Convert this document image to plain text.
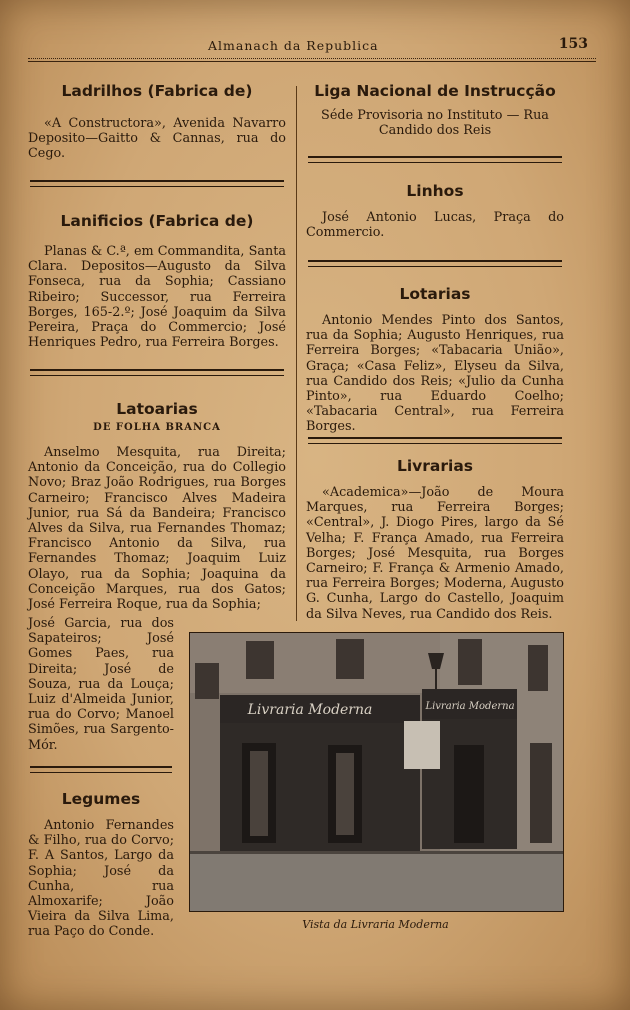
Almanach da Republica	153

Ladrilhos (Fabrica de)

«A Constructora», Avenida Navarro Deposito—Gaitto & Cannas, rua do Cego.

Lanificios (Fabrica de)

Planas & C.ª, em Commandita, Santa Clara. Depositos—Augusto da Silva Fonseca, rua da Sophia; Cassiano Ribeiro; Successor, rua Ferreira Borges, 165-2.º; José Joaquim da Silva Pereira, Praça do Commercio; José Henriques Pedro, rua Ferreira Borges.

Latoarias

DE FOLHA BRANCA

Anselmo Mesquita, rua Direita; Antonio da Conceição, rua do Collegio Novo; Braz João Rodrigues, rua Borges Carneiro; Francisco Alves Madeira Junior, rua Sá da Bandeira; Francisco Alves da Silva, rua Fernandes Thomaz; Francisco Antonio da Silva, rua Fernandes Thomaz; Joaquim Luiz Olayo, rua da Sophia; Joaquina da Conceição Marques, rua dos Gatos; José Ferreira Roque, rua da Sophia;

José Garcia, rua dos Sapateiros; José Gomes Paes, rua Direita; José de Souza, rua da Louça; Luiz d'Almeida Junior, rua do Corvo; Manoel Simões, rua Sargento-Mór.

Legumes

Antonio Fernandes & Filho, rua do Corvo; F. A Santos, Largo da Sophia; José da Cunha, rua Almoxarife; João Vieira da Silva Lima, rua Paço do Conde.

Liga Nacional de Instrucção

Séde Provisoria no Instituto — Rua Candido dos Reis

Linhos

José Antonio Lucas, Praça do Commercio.

Lotarias

Antonio Mendes Pinto dos Santos, rua da Sophia; Augusto Henriques, rua Ferreira Borges; «Tabacaria União», Graça; «Casa Feliz», Elyseu da Silva, rua Candido dos Reis; «Julio da Cunha Pinto», rua Eduardo Coelho; «Tabacaria Central», rua Ferreira Borges.

Livrarias

«Academica»—João de Moura Marques, rua Ferreira Borges; «Central», J. Diogo Pires, largo da Sé Velha; F. França Amado, rua Ferreira Borges; José Mesquita, rua Borges Carneiro; F. França & Armenio Amado, rua Ferreira Borges; Moderna, Augusto G. Cunha, Largo do Castello, Joaquim da Silva Neves, rua Candido dos Reis.

Livraria Moderna	Livraria Moderna
Vista da Livraria Moderna
